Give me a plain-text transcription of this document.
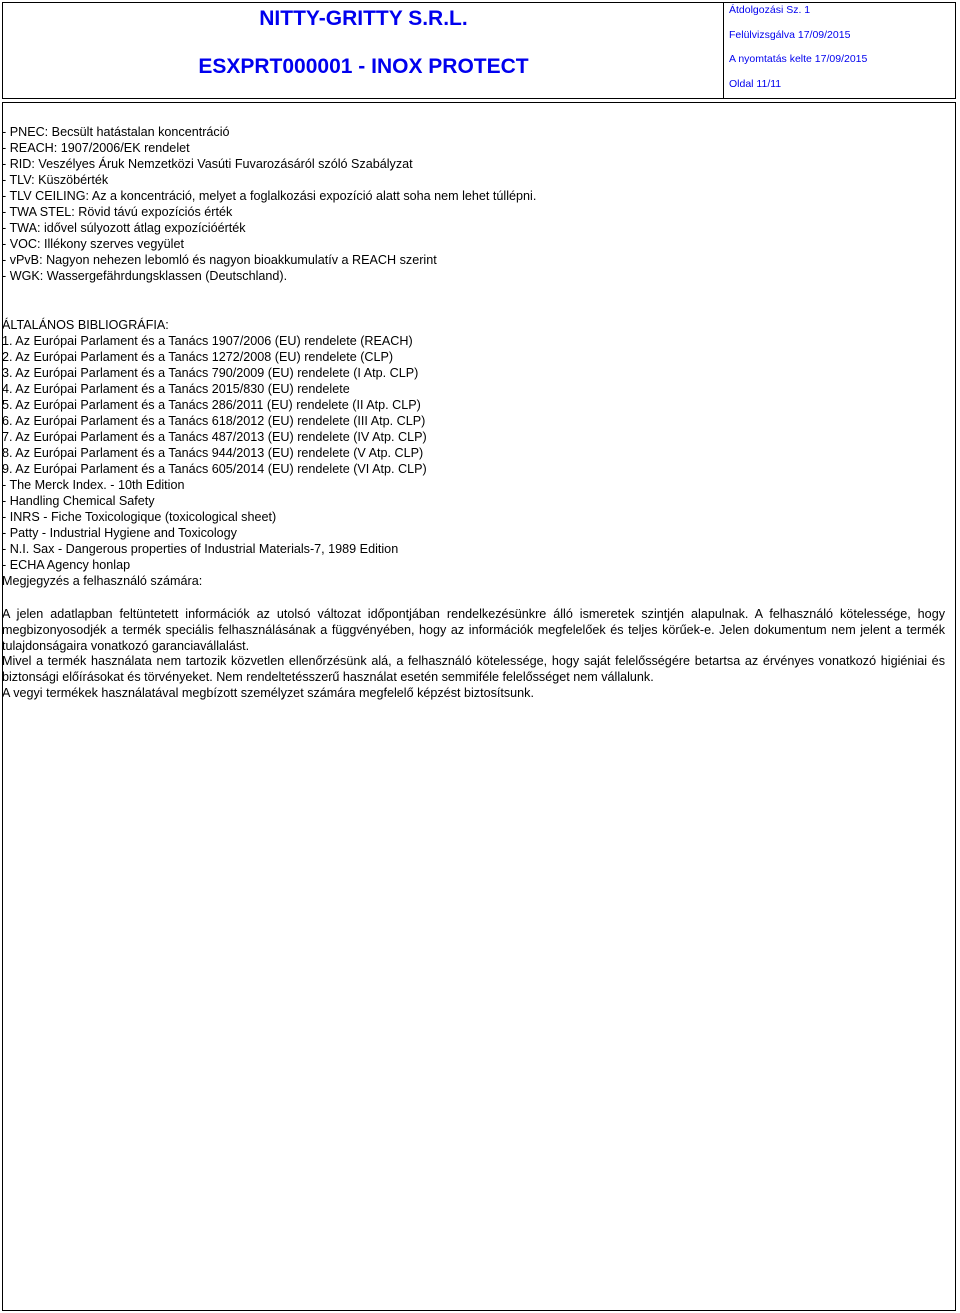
NITTY-GRITTY S.R.L.
ESXPRT000001 - INOX PROTECT
Átdolgozási Sz. 1
Felülvizsgálva 17/09/2015
A nyomtatás kelte 17/09/2015
Oldal 11/11
- PNEC: Becsült hatástalan koncentráció
- REACH: 1907/2006/EK rendelet
- RID: Veszélyes Áruk Nemzetközi Vasúti Fuvarozásáról szóló Szabályzat
- TLV: Küszöbérték
- TLV CEILING: Az a koncentráció, melyet a foglalkozási expozíció alatt soha nem lehet túllépni.
- TWA STEL: Rövid távú expozíciós érték
- TWA: idővel súlyozott átlag expozícióérték
- VOC: Illékony szerves vegyület
- vPvB: Nagyon nehezen lebomló és nagyon bioakkumulatív a REACH szerint
- WGK: Wassergefährdungsklassen (Deutschland).
ÁLTALÁNOS BIBLIOGRÁFIA:
1. Az Európai Parlament és a Tanács 1907/2006 (EU) rendelete (REACH)
2. Az Európai Parlament és a Tanács 1272/2008 (EU) rendelete (CLP)
3. Az Európai Parlament és a Tanács 790/2009 (EU) rendelete (I Atp. CLP)
4. Az Európai Parlament és a Tanács 2015/830 (EU) rendelete
5. Az Európai Parlament és a Tanács 286/2011 (EU) rendelete (II Atp. CLP)
6. Az Európai Parlament és a Tanács 618/2012 (EU) rendelete (III Atp. CLP)
7. Az Európai Parlament és a Tanács 487/2013 (EU) rendelete (IV Atp. CLP)
8. Az Európai Parlament és a Tanács 944/2013 (EU) rendelete (V Atp. CLP)
9. Az Európai Parlament és a Tanács 605/2014 (EU) rendelete (VI Atp. CLP)
- The Merck Index. - 10th Edition
- Handling Chemical Safety
- INRS - Fiche Toxicologique (toxicological sheet)
- Patty - Industrial Hygiene and Toxicology
- N.I. Sax - Dangerous properties of Industrial Materials-7, 1989 Edition
- ECHA Agency honlap
Megjegyzés a felhasználó számára:
A jelen adatlapban feltüntetett információk az utolsó változat időpontjában rendelkezésünkre álló ismeretek szintjén alapulnak. A felhasználó kötelessége, hogy megbizonyosodjék a termék speciális felhasználásának a függvényében, hogy az információk megfelelőek és teljes körűek-e. Jelen dokumentum nem jelent a termék tulajdonságaira vonatkozó garanciavállalást.
Mivel a termék használata nem tartozik közvetlen ellenőrzésünk alá, a felhasználó kötelessége, hogy saját felelősségére betartsa az érvényes vonatkozó higiéniai és biztonsági előírásokat és törvényeket. Nem rendeltetésszerű használat esetén semmiféle felelősséget nem vállalunk.
A vegyi termékek használatával megbízott személyzet számára megfelelő képzést biztosítsunk.
